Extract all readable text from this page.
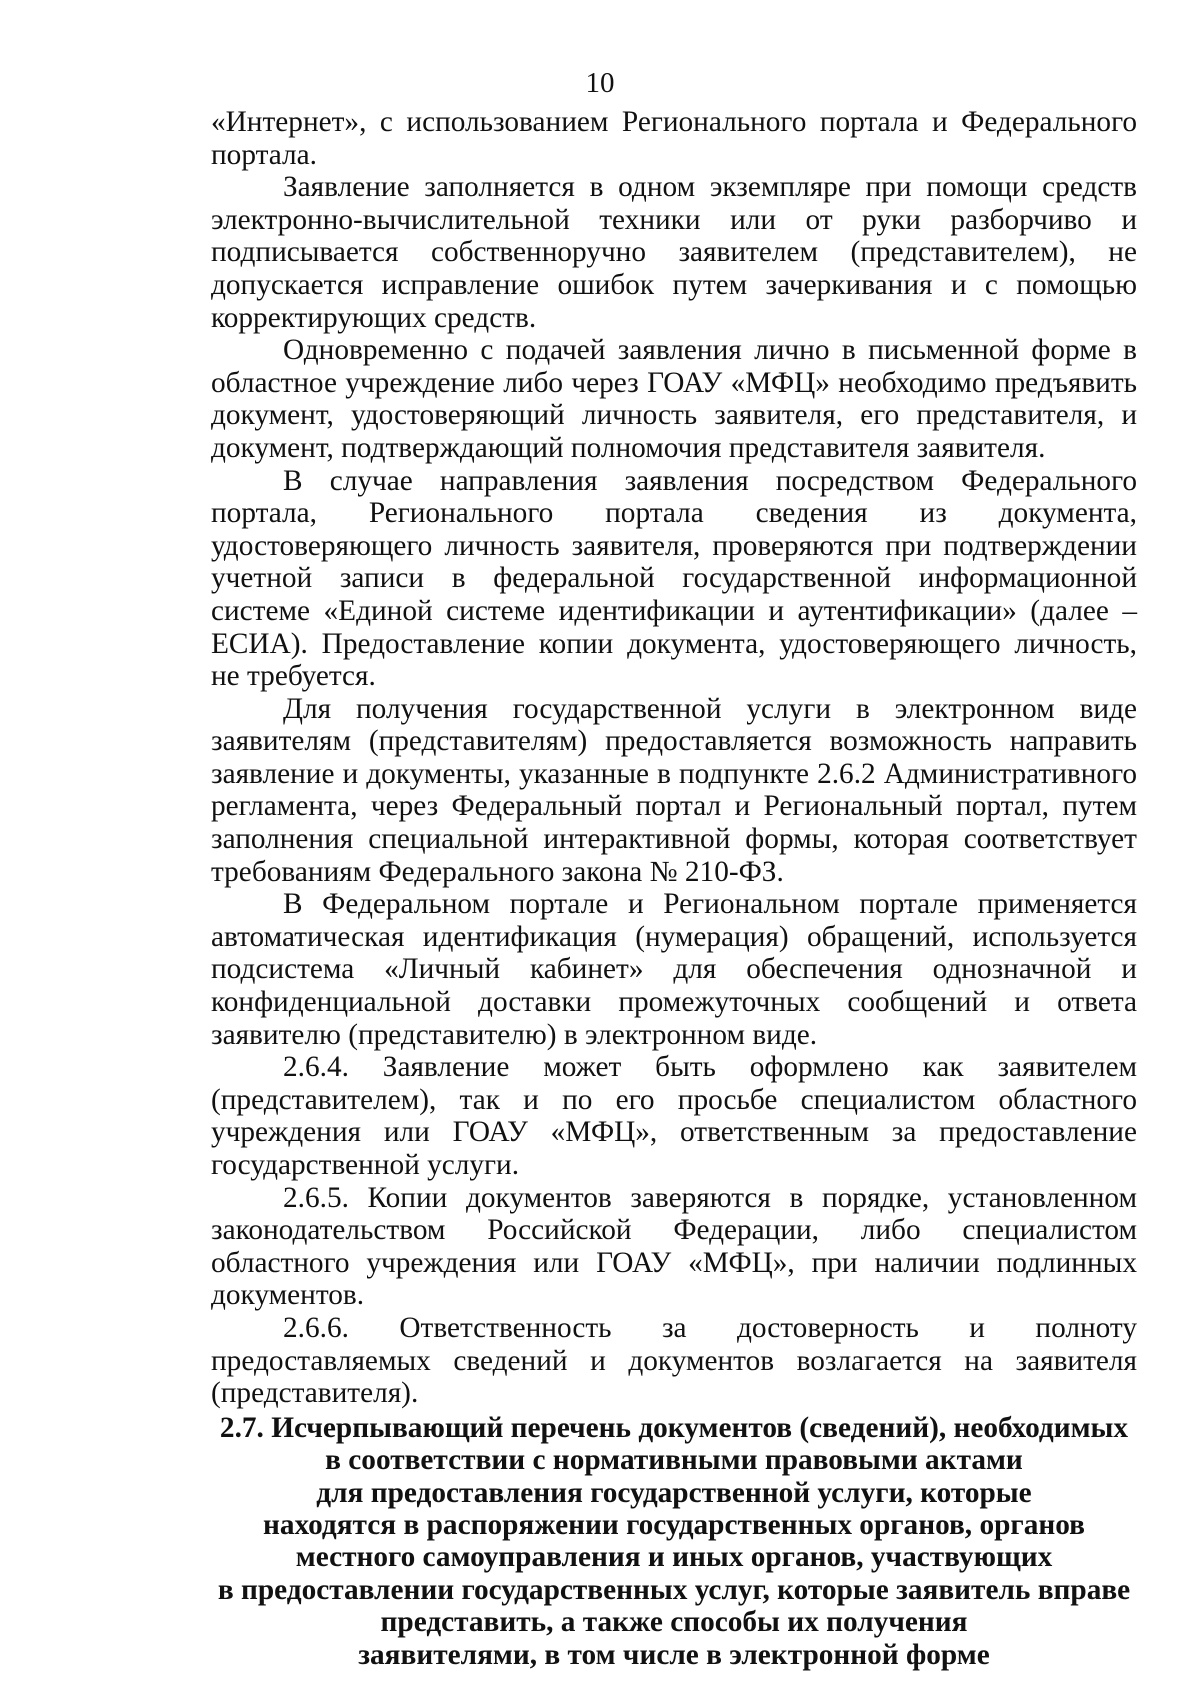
10

«Интернет», с использованием Регионального портала и Федерального портала.

Заявление заполняется в одном экземпляре при помощи средств электронно-вычислительной техники или от руки разборчиво и подписывается собственноручно заявителем (представителем), не допускается исправление ошибок путем зачеркивания и с помощью корректирующих средств.

Одновременно с подачей заявления лично в письменной форме в областное учреждение либо через ГОАУ «МФЦ» необходимо предъявить документ, удостоверяющий личность заявителя, его представителя, и документ, подтверждающий полномочия представителя заявителя.

В случае направления заявления посредством Федерального портала, Регионального портала сведения из документа, удостоверяющего личность заявителя, проверяются при подтверждении учетной записи в федеральной государственной информационной системе «Единой системе идентификации и аутентификации» (далее – ЕСИА). Предоставление копии документа, удостоверяющего личность, не требуется.

Для получения государственной услуги в электронном виде заявителям (представителям) предоставляется возможность направить заявление и документы, указанные в подпункте 2.6.2 Административного регламента, через Федеральный портал и Региональный портал, путем заполнения специальной интерактивной формы, которая соответствует требованиям Федерального закона № 210-ФЗ.

В Федеральном портале и Региональном портале применяется автоматическая идентификация (нумерация) обращений, используется подсистема «Личный кабинет» для обеспечения однозначной и конфиденциальной доставки промежуточных сообщений и ответа заявителю (представителю) в электронном виде.

2.6.4. Заявление может быть оформлено как заявителем (представителем), так и по его просьбе специалистом областного учреждения или ГОАУ «МФЦ», ответственным за предоставление государственной услуги.

2.6.5. Копии документов заверяются в порядке, установленном законодательством Российской Федерации, либо специалистом областного учреждения или ГОАУ «МФЦ», при наличии подлинных документов.

2.6.6. Ответственность за достоверность и полноту предоставляемых сведений и документов возлагается на заявителя (представителя).

2.7. Исчерпывающий перечень документов (сведений), необходимых
в соответствии с нормативными правовыми актами
для предоставления государственной услуги, которые
находятся в распоряжении государственных органов, органов
местного самоуправления и иных органов, участвующих
в предоставлении государственных услуг, которые заявитель вправе
представить, а также способы их получения
заявителями, в том числе в электронной форме
